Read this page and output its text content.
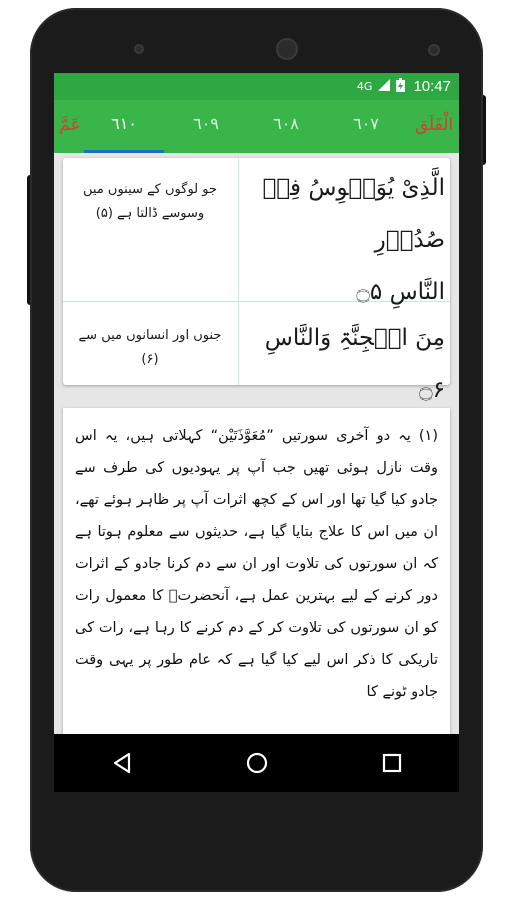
4G	10:47
عَمَّ	٦١٠	٦٠٩	٦٠٨	٦٠٧	الْفَلَق
الَّذِیْ یُوَسۡوِسُ فِیۡ صُدُوۡرِ
النَّاسِ ۝۵
جو لوگوں کے سینوں میں وسوسے ڈالتا ہے (۵)
مِنَ الۡجِنَّۃِ وَالنَّاسِ ۝۶
جنوں اور انسانوں میں سے (۶)

(۱) یہ دو آخری سورتیں ”مُعَوَّذَتَیْن“ کہلاتی ہیں، یہ اس وقت نازل ہوئی تھیں جب آپ پر یہودیوں کی طرف سے جادو کیا گیا تھا اور اس کے کچھ اثرات آپ پر ظاہر ہوئے تھے، ان میں اس کا علاج بتایا گیا ہے، حدیثوں سے معلوم ہوتا ہے کہ ان سورتوں کی تلاوت اور ان سے دم کرنا جادو کے اثرات دور کرنے کے لیے بہترین عمل ہے، آنحضرتؐ کا معمول رات کو ان سورتوں کی تلاوت کر کے دم کرنے کا رہا ہے، رات کی تاریکی کا ذکر اس لیے کیا گیا ہے کہ عام طور پر یہی وقت جادو ٹونے کا
